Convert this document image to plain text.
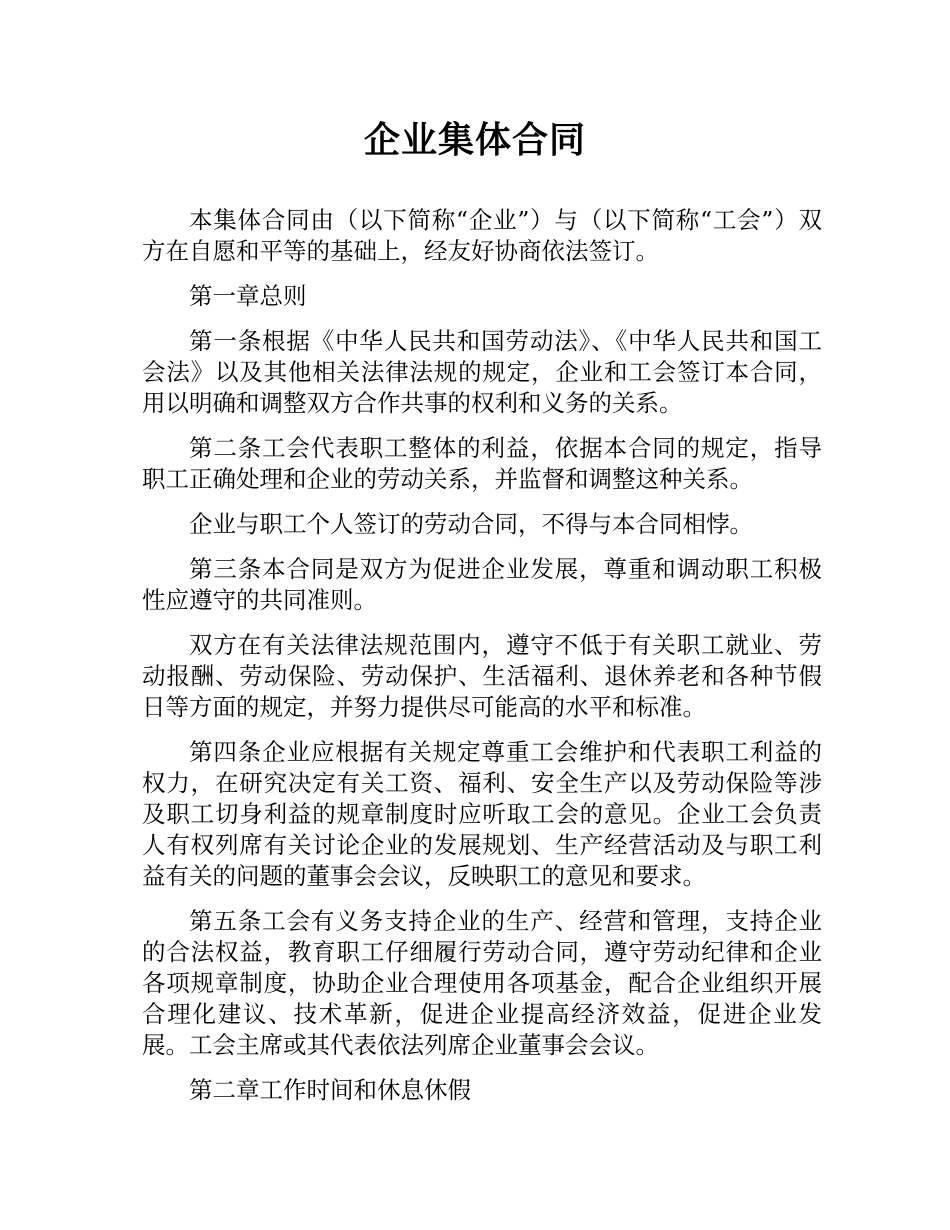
企业集体合同

本集体合同由（以下简称“企业”）与（以下简称“工会”）双方在自愿和平等的基础上，经友好协商依法签订。

第一章总则

第一条根据《中华人民共和国劳动法》、《中华人民共和国工会法》以及其他相关法律法规的规定，企业和工会签订本合同，用以明确和调整双方合作共事的权利和义务的关系。

第二条工会代表职工整体的利益，依据本合同的规定，指导职工正确处理和企业的劳动关系，并监督和调整这种关系。

企业与职工个人签订的劳动合同，不得与本合同相悖。

第三条本合同是双方为促进企业发展，尊重和调动职工积极性应遵守的共同准则。

双方在有关法律法规范围内，遵守不低于有关职工就业、劳动报酬、劳动保险、劳动保护、生活福利、退休养老和各种节假日等方面的规定，并努力提供尽可能高的水平和标准。

第四条企业应根据有关规定尊重工会维护和代表职工利益的权力，在研究决定有关工资、福利、安全生产以及劳动保险等涉及职工切身利益的规章制度时应听取工会的意见。企业工会负责人有权列席有关讨论企业的发展规划、生产经营活动及与职工利益有关的问题的董事会会议，反映职工的意见和要求。

第五条工会有义务支持企业的生产、经营和管理，支持企业的合法权益，教育职工仔细履行劳动合同，遵守劳动纪律和企业各项规章制度，协助企业合理使用各项基金，配合企业组织开展合理化建议、技术革新，促进企业提高经济效益，促进企业发展。工会主席或其代表依法列席企业董事会会议。

第二章工作时间和休息休假
